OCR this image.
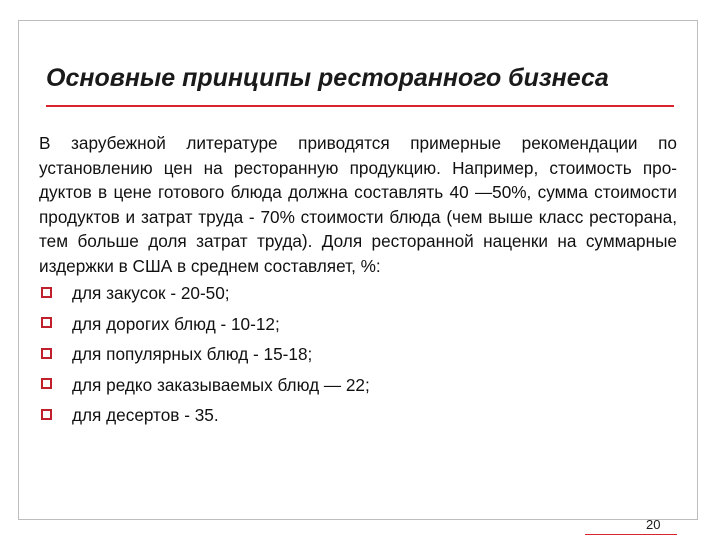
Основные принципы ресторанного бизнеса

В зарубежной литературе приводятся примерные рекомендации по установлению цен на ресторанную продукцию. Например, стоимость про-дуктов в цене готового блюда должна составлять 40 —50%, сумма стоимости продуктов и затрат труда - 70% стоимости блюда (чем выше класс ресторана, тем больше доля затрат труда). Доля ресторанной наценки на суммарные издержки в США в среднем составляет, %:

для закусок - 20-50;
для дорогих блюд - 10-12;
для популярных блюд - 15-18;
для редко заказываемых блюд — 22;
для десертов - 35.
20
